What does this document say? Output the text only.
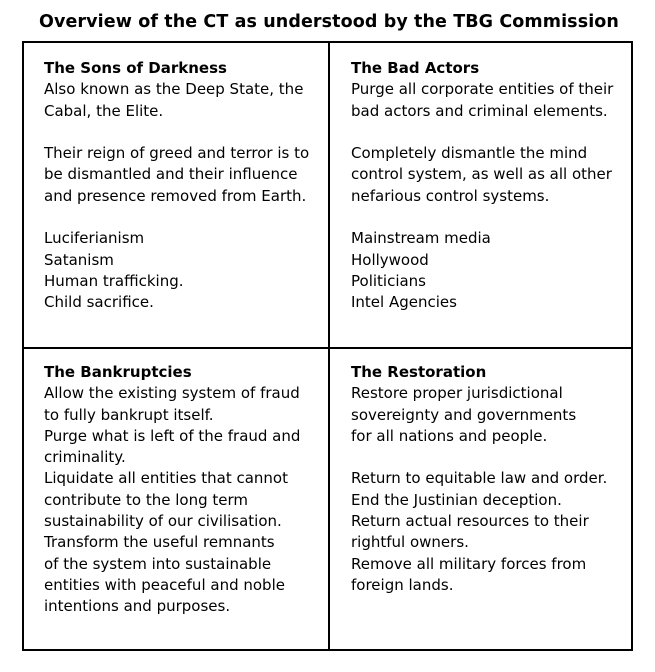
Overview of the CT as understood by the TBG Commission
The Sons of Darkness
Also known as the Deep State, the
Cabal, the Elite.
Their reign of greed and terror is to
be dismantled and their influence
and presence removed from Earth.
Luciferianism
Satanism
Human trafficking.
Child sacrifice.
The Bad Actors
Purge all corporate entities of their
bad actors and criminal elements.
Completely dismantle the mind
control system, as well as all other
nefarious control systems.
Mainstream media
Hollywood
Politicians
Intel Agencies
The Bankruptcies
Allow the existing system of fraud
to fully bankrupt itself.
Purge what is left of the fraud and
criminality.
Liquidate all entities that cannot
contribute to the long term
sustainability of our civilisation.
Transform the useful remnants
of the system into sustainable
entities with peaceful and noble
intentions and purposes.
The Restoration
Restore proper jurisdictional
sovereignty and governments
for all nations and people.
Return to equitable law and order.
End the Justinian deception.
Return actual resources to their
rightful owners.
Remove all military forces from
foreign lands.
